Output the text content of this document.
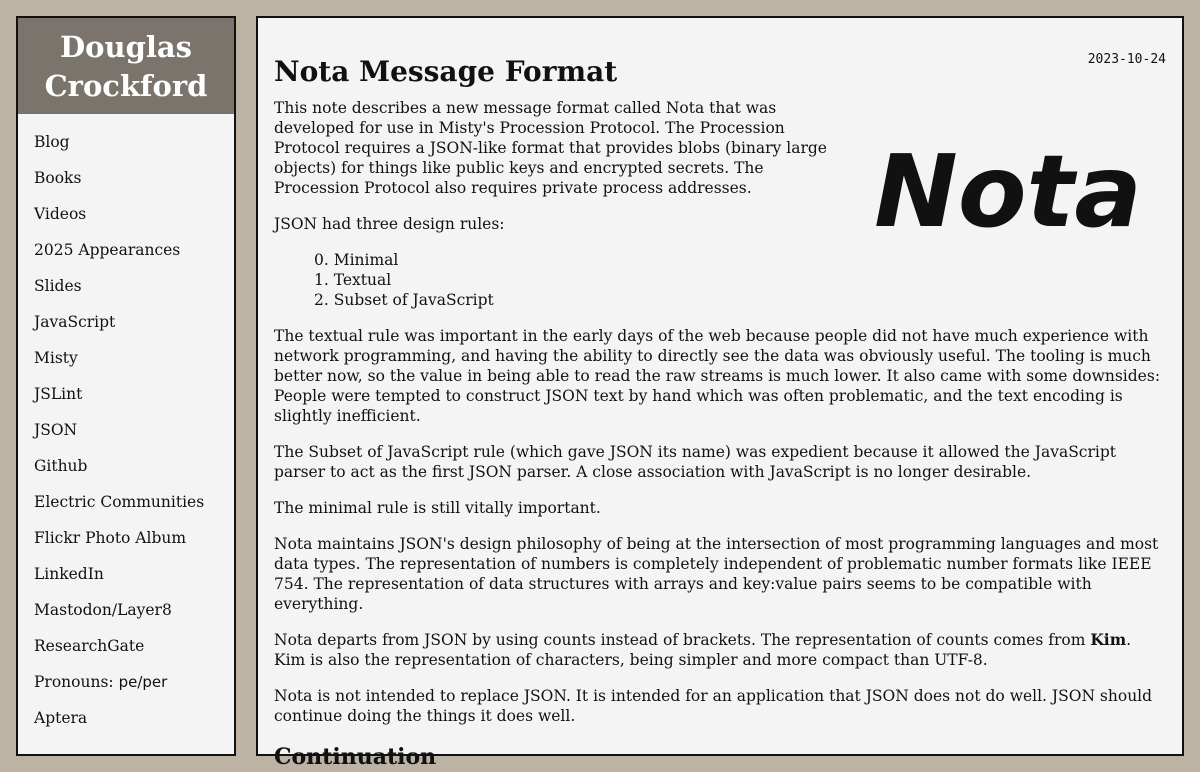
Douglas
Crockford
Blog
Books
Videos
2025 Appearances
Slides
JavaScript
Misty
JSLint
JSON
Github
Electric Communities
Flickr Photo Album
LinkedIn
Mastodon/Layer8
ResearchGate
Pronouns: pe/per
Aptera
2023-10-24
Nota Message Format
Nota

This note describes a new message format called Nota that was developed for use in Misty's Procession Protocol. The Procession Protocol requires a JSON-like format that provides blobs (binary large objects) for things like public keys and encrypted secrets. The Procession Protocol also requires private process addresses.

JSON had three design rules:

0. Minimal
1. Textual
2. Subset of JavaScript

The textual rule was important in the early days of the web because people did not have much experience with network programming, and having the ability to directly see the data was obviously useful. The tooling is much better now, so the value in being able to read the raw streams is much lower. It also came with some downsides: People were tempted to construct JSON text by hand which was often problematic, and the text encoding is slightly inefficient.

The Subset of JavaScript rule (which gave JSON its name) was expedient because it allowed the JavaScript parser to act as the first JSON parser. A close association with JavaScript is no longer desirable.

The minimal rule is still vitally important.

Nota maintains JSON's design philosophy of being at the intersection of most programming languages and most data types. The representation of numbers is completely independent of problematic number formats like IEEE 754. The representation of data structures with arrays and key:value pairs seems to be compatible with everything.

Nota departs from JSON by using counts instead of brackets. The representation of counts comes from Kim. Kim is also the representation of characters, being simpler and more compact than UTF-8.

Nota is not intended to replace JSON. It is intended for an application that JSON does not do well. JSON should continue doing the things it does well.

Continuation
